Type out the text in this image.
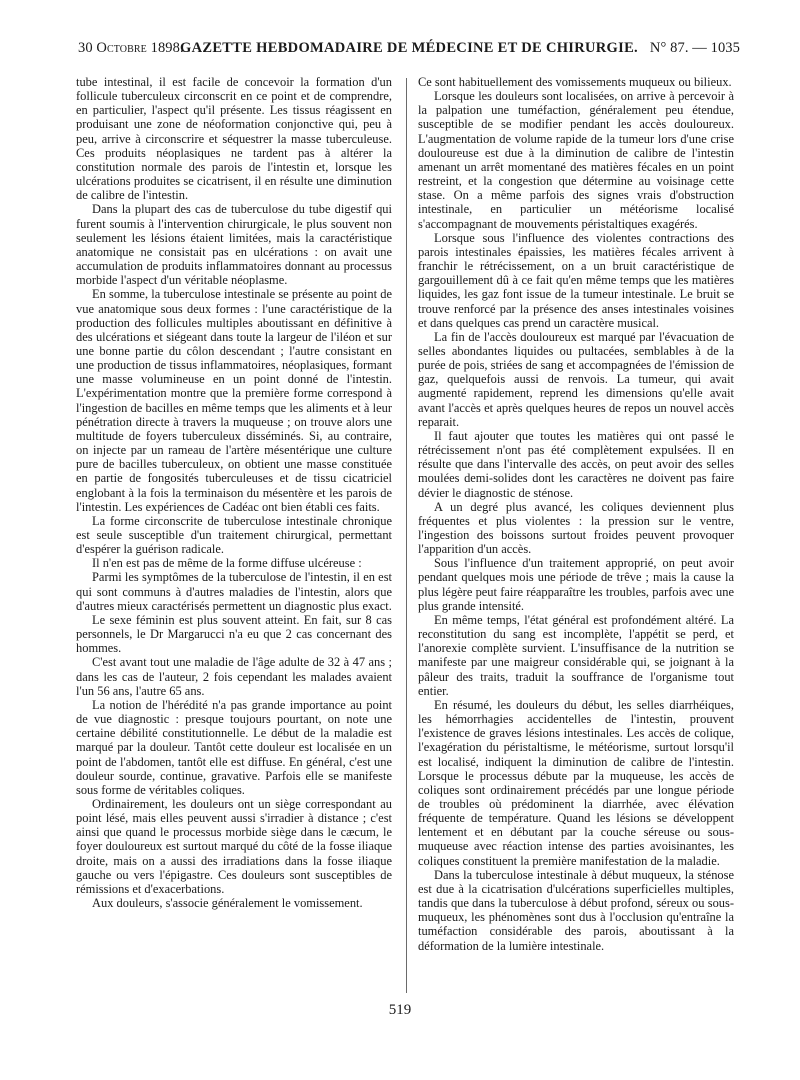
30 Octobre 1898.
GAZETTE HEBDOMADAIRE DE MÉDECINE ET DE CHIRURGIE. N° 87. — 1035

tube intestinal, il est facile de concevoir la formation d'un follicule tuberculeux circonscrit en ce point et de comprendre, en particulier, l'aspect qu'il présente. Les tissus réagissent en produisant une zone de néoformation conjonctive qui, peu à peu, arrive à circonscrire et séquestrer la masse tuberculeuse. Ces produits néoplasiques ne tardent pas à altérer la constitution normale des parois de l'intestin et, lorsque les ulcérations produites se cicatrisent, il en résulte une diminution de calibre de l'intestin.

Dans la plupart des cas de tuberculose du tube digestif qui furent soumis à l'intervention chirurgicale, le plus souvent non seulement les lésions étaient limitées, mais la caractéristique anatomique ne consistait pas en ulcérations : on avait une accumulation de produits inflammatoires donnant au processus morbide l'aspect d'un véritable néoplasme.

En somme, la tuberculose intestinale se présente au point de vue anatomique sous deux formes : l'une caractéristique de la production des follicules multiples aboutissant en définitive à des ulcérations et siégeant dans toute la largeur de l'iléon et sur une bonne partie du côlon descendant ; l'autre consistant en une production de tissus inflammatoires, néoplasiques, formant une masse volumineuse en un point donné de l'intestin. L'expérimentation montre que la première forme correspond à l'ingestion de bacilles en même temps que les aliments et à leur pénétration directe à travers la muqueuse ; on trouve alors une multitude de foyers tuberculeux disséminés. Si, au contraire, on injecte par un rameau de l'artère mésentérique une culture pure de bacilles tuberculeux, on obtient une masse constituée en partie de fongosités tuberculeuses et de tissu cicatriciel englobant à la fois la terminaison du mésentère et les parois de l'intestin. Les expériences de Cadéac ont bien établi ces faits.

La forme circonscrite de tuberculose intestinale chronique est seule susceptible d'un traitement chirurgical, permettant d'espérer la guérison radicale.

Il n'en est pas de même de la forme diffuse ulcéreuse :

Parmi les symptômes de la tuberculose de l'intestin, il en est qui sont communs à d'autres maladies de l'intestin, alors que d'autres mieux caractérisés permettent un diagnostic plus exact.

Le sexe féminin est plus souvent atteint. En fait, sur 8 cas personnels, le Dr Margarucci n'a eu que 2 cas concernant des hommes.

C'est avant tout une maladie de l'âge adulte de 32 à 47 ans ; dans les cas de l'auteur, 2 fois cependant les malades avaient l'un 56 ans, l'autre 65 ans.

La notion de l'hérédité n'a pas grande importance au point de vue diagnostic : presque toujours pourtant, on note une certaine débilité constitutionnelle. Le début de la maladie est marqué par la douleur. Tantôt cette douleur est localisée en un point de l'abdomen, tantôt elle est diffuse. En général, c'est une douleur sourde, continue, gravative. Parfois elle se manifeste sous forme de véritables coliques.

Ordinairement, les douleurs ont un siège correspondant au point lésé, mais elles peuvent aussi s'irradier à distance ; c'est ainsi que quand le processus morbide siège dans le cæcum, le foyer douloureux est surtout marqué du côté de la fosse iliaque droite, mais on a aussi des irradiations dans la fosse iliaque gauche ou vers l'épigastre. Ces douleurs sont susceptibles de rémissions et d'exacerbations.

Aux douleurs, s'associe généralement le vomissement.

Ce sont habituellement des vomissements muqueux ou bilieux.

Lorsque les douleurs sont localisées, on arrive à percevoir à la palpation une tuméfaction, généralement peu étendue, susceptible de se modifier pendant les accès douloureux. L'augmentation de volume rapide de la tumeur lors d'une crise douloureuse est due à la diminution de calibre de l'intestin amenant un arrêt momentané des matières fécales en un point restreint, et la congestion que détermine au voisinage cette stase. On a même parfois des signes vrais d'obstruction intestinale, en particulier un météorisme localisé s'accompagnant de mouvements péristaltiques exagérés.

Lorsque sous l'influence des violentes contractions des parois intestinales épaissies, les matières fécales arrivent à franchir le rétrécissement, on a un bruit caractéristique de gargouillement dû à ce fait qu'en même temps que les matières liquides, les gaz font issue de la tumeur intestinale. Le bruit se trouve renforcé par la présence des anses intestinales voisines et dans quelques cas prend un caractère musical.

La fin de l'accès douloureux est marqué par l'évacuation de selles abondantes liquides ou pultacées, semblables à de la purée de pois, striées de sang et accompagnées de l'émission de gaz, quelquefois aussi de renvois. La tumeur, qui avait augmenté rapidement, reprend les dimensions qu'elle avait avant l'accès et après quelques heures de repos un nouvel accès reparait.

Il faut ajouter que toutes les matières qui ont passé le rétrécissement n'ont pas été complètement expulsées. Il en résulte que dans l'intervalle des accès, on peut avoir des selles moulées demi-solides dont les caractères ne doivent pas faire dévier le diagnostic de sténose.

A un degré plus avancé, les coliques deviennent plus fréquentes et plus violentes : la pression sur le ventre, l'ingestion des boissons surtout froides peuvent provoquer l'apparition d'un accès.

Sous l'influence d'un traitement approprié, on peut avoir pendant quelques mois une période de trêve ; mais la cause la plus légère peut faire réapparaître les troubles, parfois avec une plus grande intensité.

En même temps, l'état général est profondément altéré. La reconstitution du sang est incomplète, l'appétit se perd, et l'anorexie complète survient. L'insuffisance de la nutrition se manifeste par une maigreur considérable qui, se joignant à la pâleur des traits, traduit la souffrance de l'organisme tout entier.

En résumé, les douleurs du début, les selles diarrhéiques, les hémorrhagies accidentelles de l'intestin, prouvent l'existence de graves lésions intestinales. Les accès de colique, l'exagération du péristaltisme, le météorisme, surtout lorsqu'il est localisé, indiquent la diminution de calibre de l'intestin. Lorsque le processus débute par la muqueuse, les accès de coliques sont ordinairement précédés par une longue période de troubles où prédominent la diarrhée, avec élévation fréquente de température. Quand les lésions se développent lentement et en débutant par la couche séreuse ou sous-muqueuse avec réaction intense des parties avoisinantes, les coliques constituent la première manifestation de la maladie.

Dans la tuberculose intestinale à début muqueux, la sténose est due à la cicatrisation d'ulcérations superficielles multiples, tandis que dans la tuberculose à début profond, séreux ou sous-muqueux, les phénomènes sont dus à l'occlusion qu'entraîne la tuméfaction considérable des parois, aboutissant à la déformation de la lumière intestinale.

519
